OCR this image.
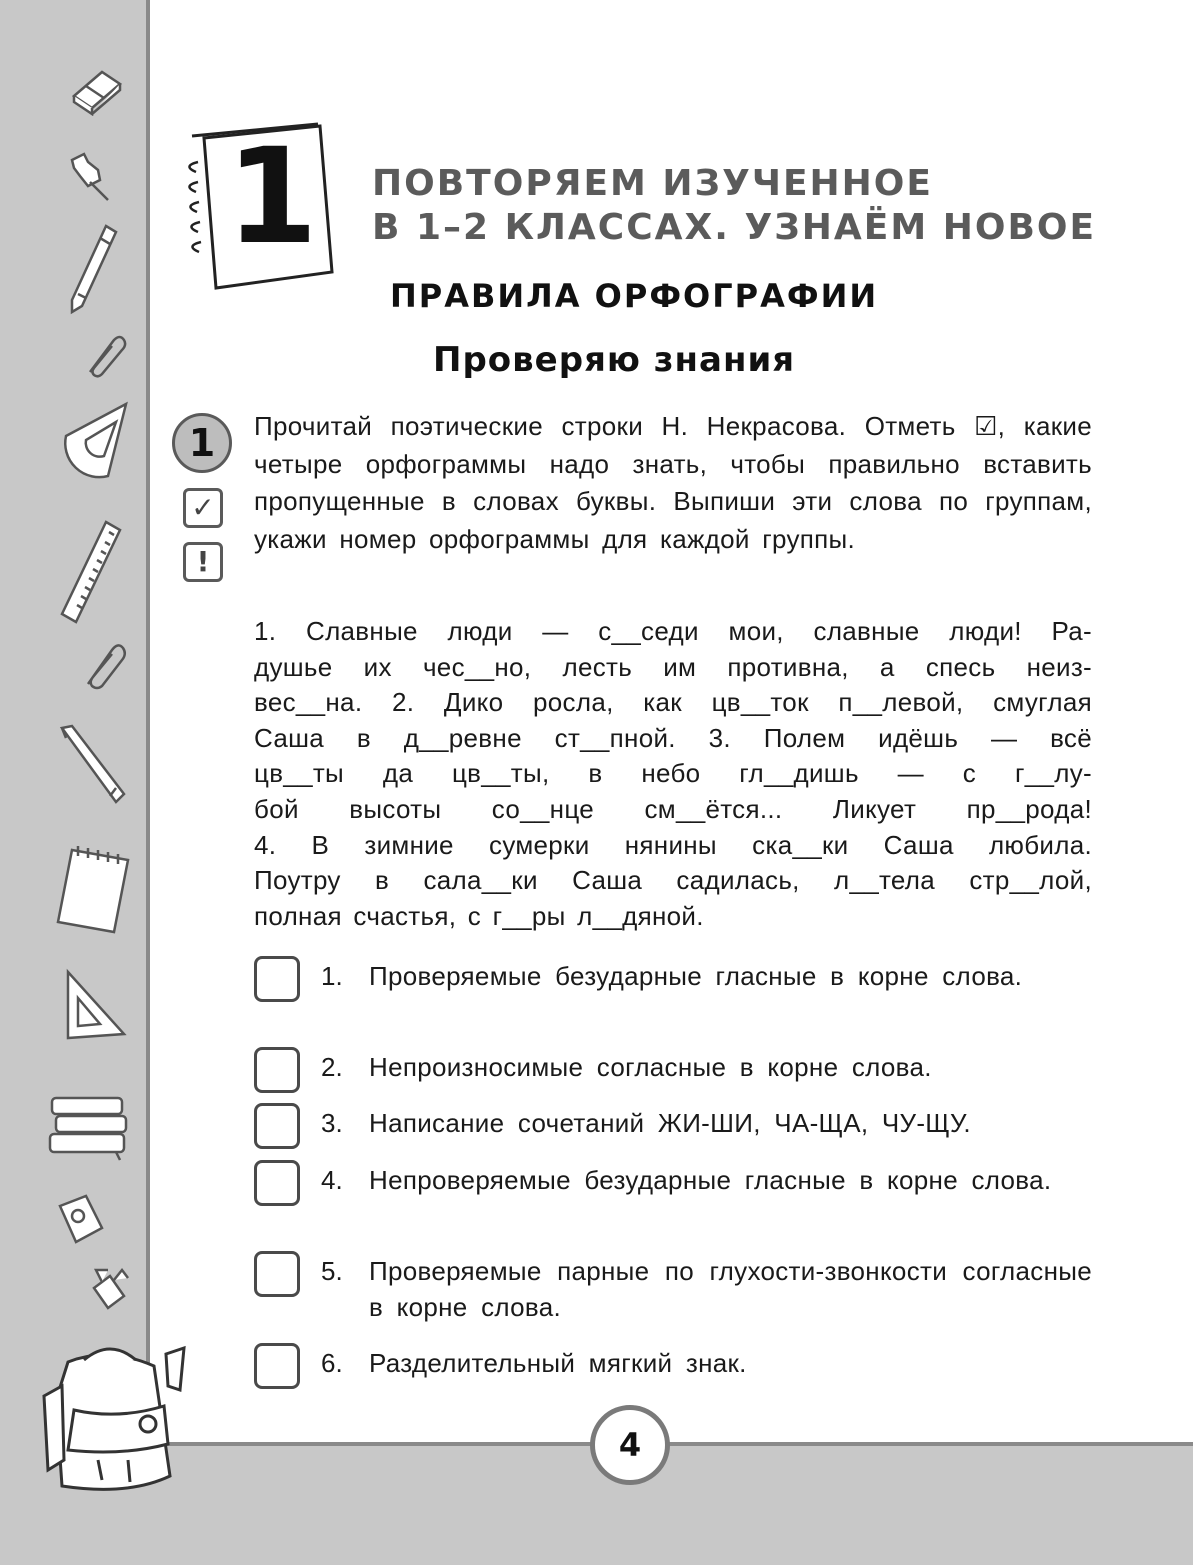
1 ПОВТОРЯЕМ ИЗУЧЕННОЕ
В 1–2 КЛАССАХ. УЗНАЁМ НОВОЕ
ПРАВИЛА ОРФОГРАФИИ
Проверяю знания
1
✓
!
Прочитай поэтические строки Н. Некрасова. Отметь ☑, какие четыре орфограммы надо знать, чтобы правильно вставить пропущенные в словах буквы. Выпиши эти слова по группам, укажи номер орфограммы для каждой группы.
1. Славные люди — с__седи мои, славные люди! Ра-
душье их чес__но, лесть им противна, а спесь неиз-
вес__на. 2. Дико росла, как цв__ток п__левой, смуглая
Саша в д__ревне ст__пной. 3. Полем идёшь — всё
цв__ты да цв__ты, в небо гл__дишь — с г__лу-
бой высоты со__нце см__ётся... Ликует пр__рода!
4. В зимние сумерки нянины ска__ки Саша любила.
Поутру в сала__ки Саша садилась, л__тела стр__лой,
полная счастья, с г__ры л__дяной.
1. Проверяемые безударные гласные в корне слова.
2. Непроизносимые согласные в корне слова.
3. Написание сочетаний ЖИ-ШИ, ЧА-ЩА, ЧУ-ЩУ.
4. Непроверяемые безударные гласные в корне слова.
5. Проверяемые парные по глухости-звонкости согласные в корне слова.
6. Разделительный мягкий знак.
4
